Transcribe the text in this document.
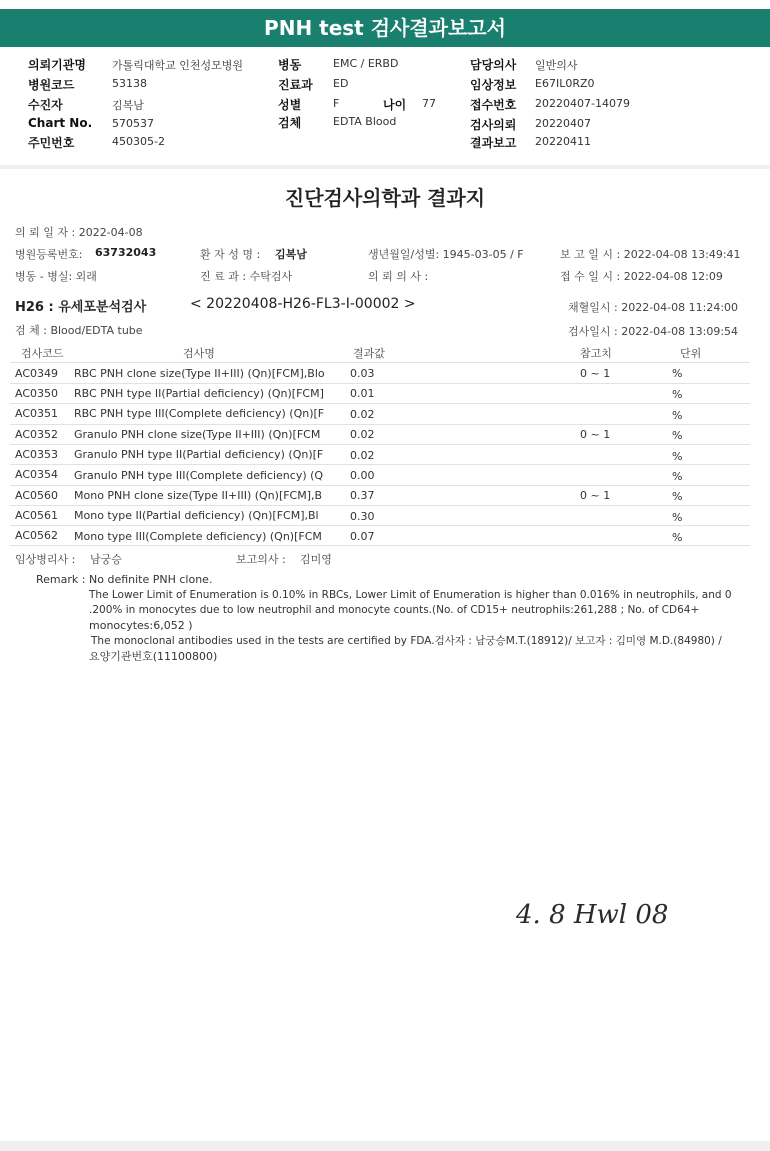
PNH test 검사결과보고서
의뢰기관명 가톨릭대학교 인천성모병원
병원코드	53138
수진자	김복남
Chart No. 570537
주민번호	450305-2
병동	EMC / ERBD
진료과 ED
성별	F	나이 77
검체	EDTA Blood
담당의사 일반의사
임상정보 E67IL0RZ0
접수번호 20220407-14079
검사의뢰 20220407
결과보고 20220411
진단검사의학과 결과지
의 뢰 일 자 : 2022-04-08
병원등록번호: 63732043	환 자 성 명 : 김복남	생년월일/성별: 1945-03-05 / F	보 고 일 시 : 2022-04-08 13:49:41
병동 - 병실: 외래	진 료 과 : 수탁검사	의 뢰 의 사 :	접 수 일 시 : 2022-04-08 12:09
H26 : 유세포분석검사	< 20220408-H26-FL3-I-00002 >	채혈일시 : 2022-04-08 11:24:00
검 체 : Blood/EDTA tube	검사일시 : 2022-04-08 13:09:54
검사코드	검사명	결과값	참고치	단위
AC0349 RBC PNH clone size(Type II+III) (Qn)[FCM],Blo	0.03	0 ~ 1	%
AC0350 RBC PNH type II(Partial deficiency) (Qn)[FCM]	0.01	%
AC0351 RBC PNH type III(Complete deficiency) (Qn)[F	0.02	%
AC0352 Granulo PNH clone size(Type II+III) (Qn)[FCM	0.02	0 ~ 1	%
AC0353 Granulo PNH type II(Partial deficiency) (Qn)[F	0.02	%
AC0354 Granulo PNH type III(Complete deficiency) (Q	0.00	%
AC0560 Mono PNH clone size(Type II+III) (Qn)[FCM],B	0.37	0 ~ 1	%
AC0561 Mono type II(Partial deficiency) (Qn)[FCM],Bl	0.30	%
AC0562 Mono type III(Complete deficiency) (Qn)[FCM	0.07	%
임상병리사 : 남궁승	보고의사 : 김미영
Remark : No definite PNH clone.
The Lower Limit of Enumeration is 0.10% in RBCs, Lower Limit of Enumeration is higher than 0.016% in neutrophils, and 0
.200% in monocytes due to low neutrophil and monocyte counts.(No. of CD15+ neutrophils:261,288 ; No. of CD64+
monocytes:6,052 )
The monoclonal antibodies used in the tests are certified by FDA.검사자 : 남궁승M.T.(18912)/ 보고자 : 김미영 M.D.(84980) /
요양기관번호(11100800)
4. 8 Hwl 08
